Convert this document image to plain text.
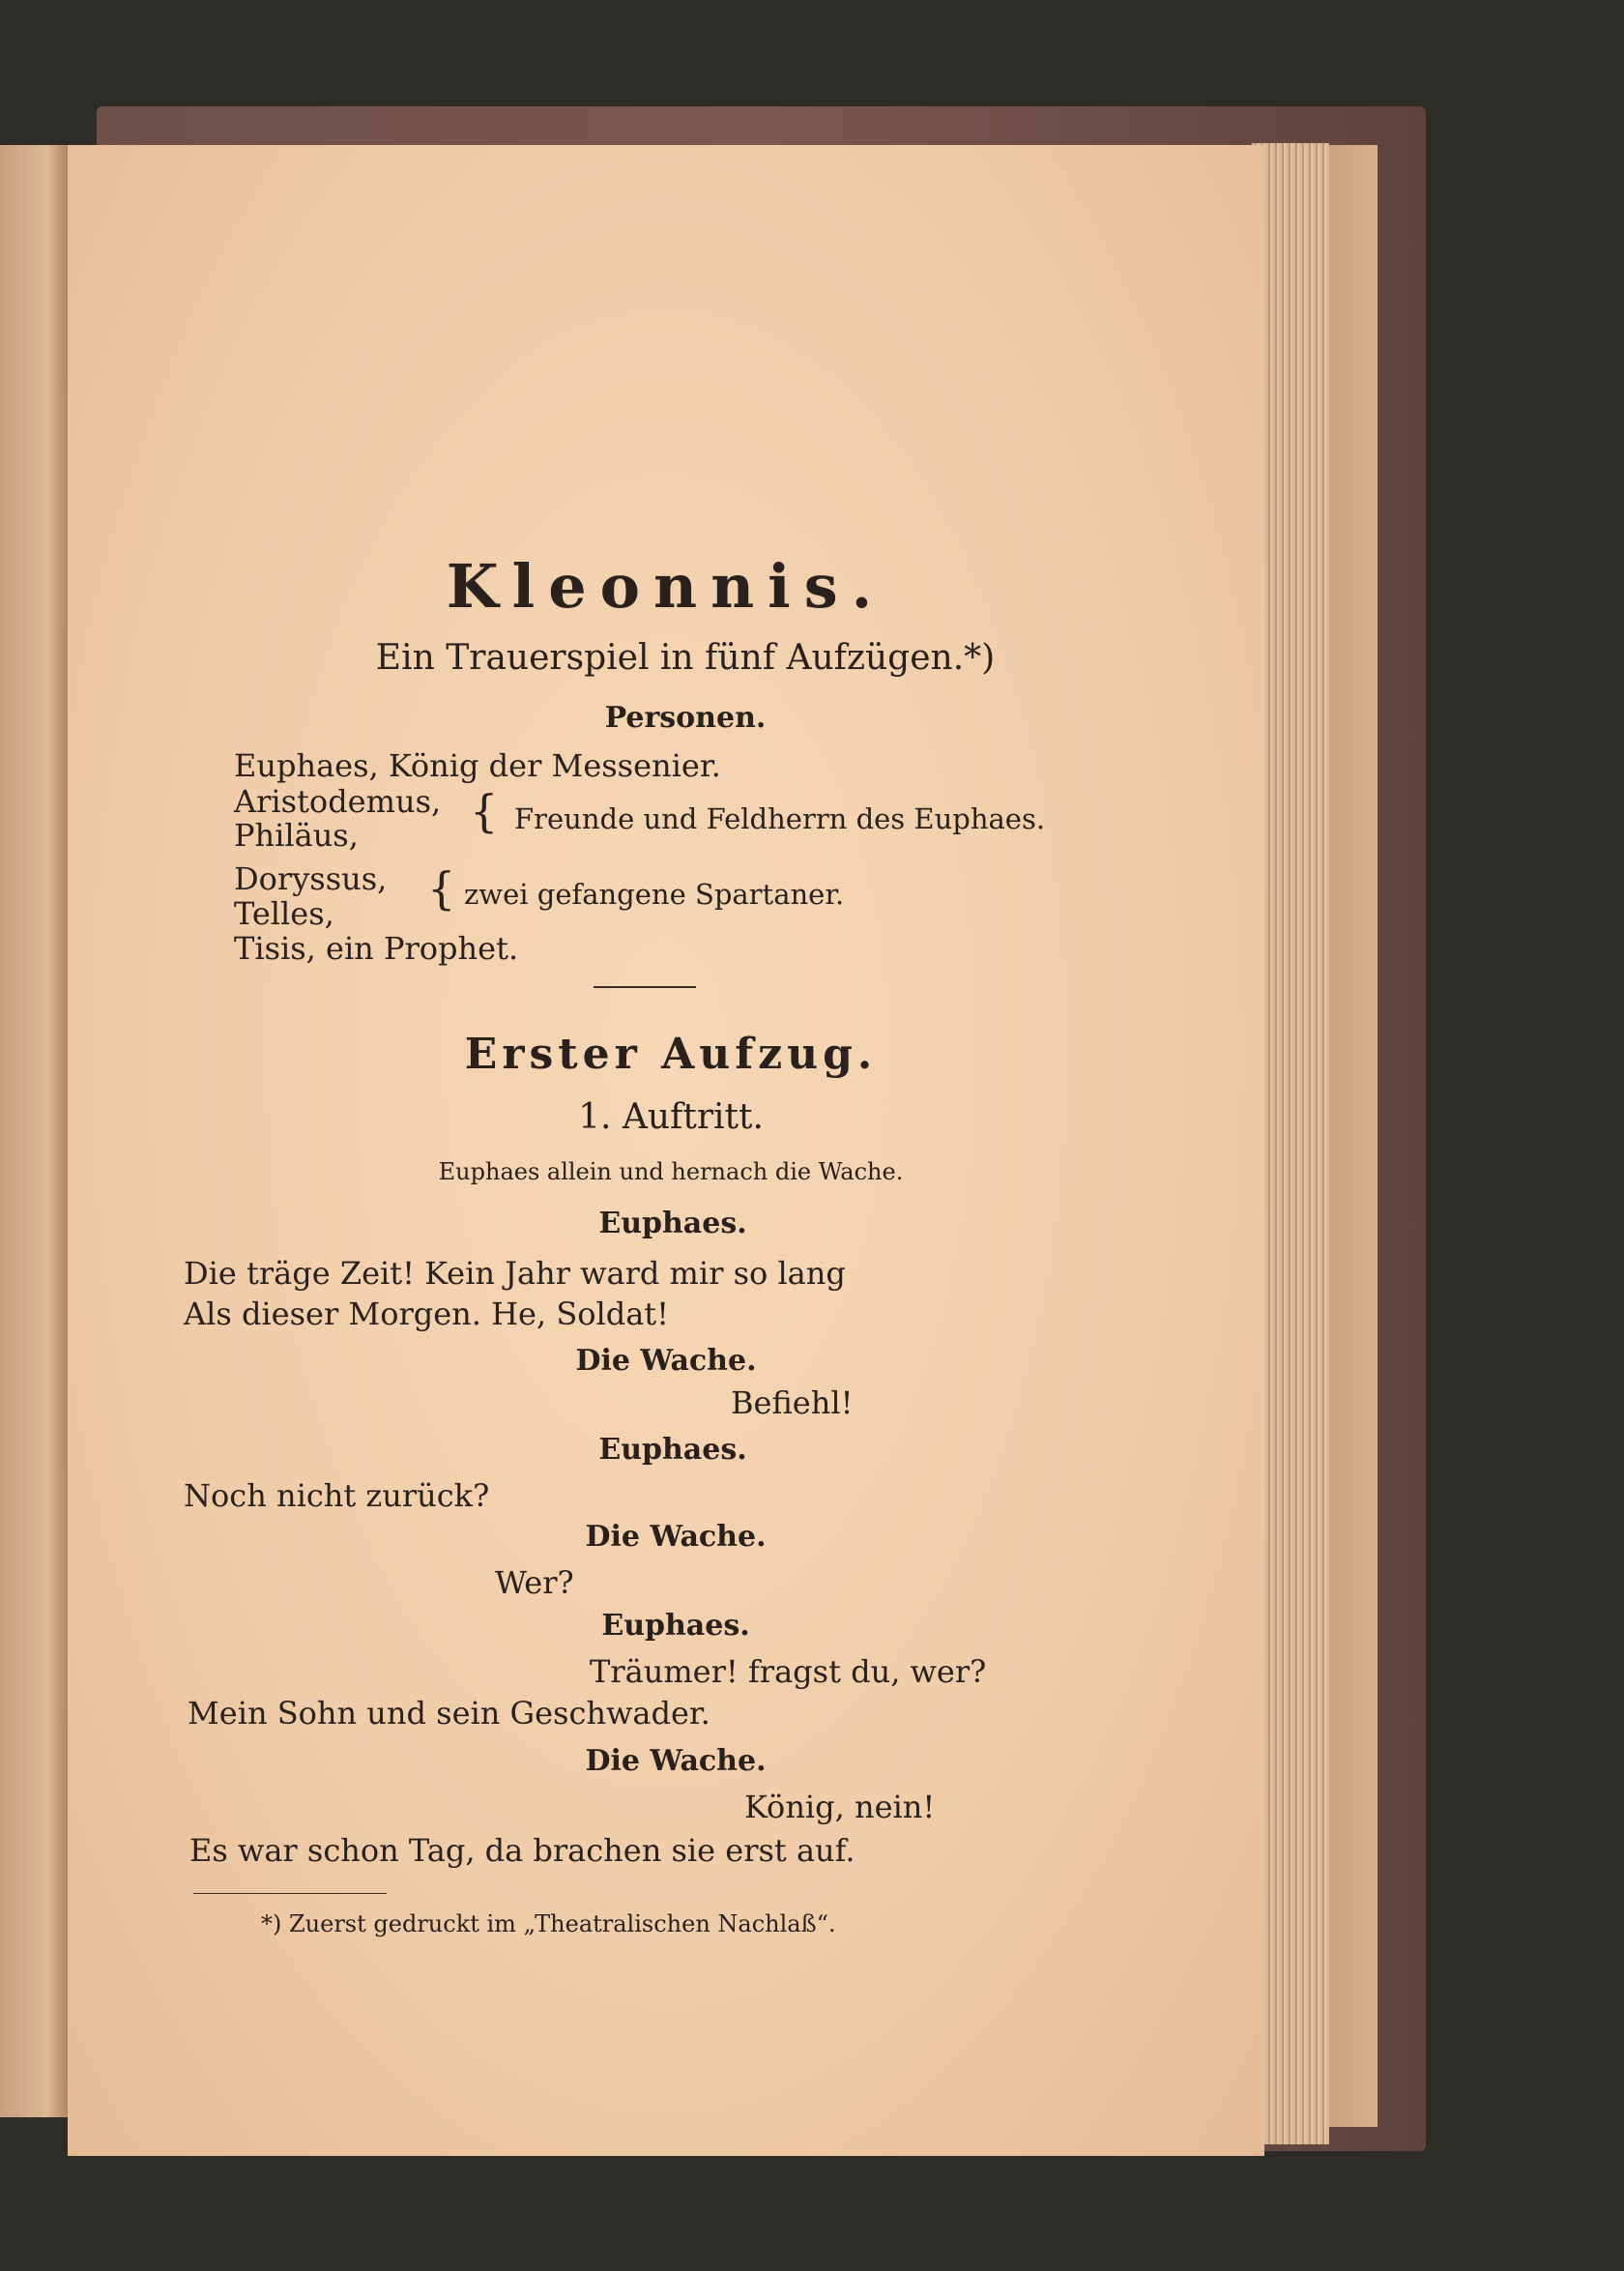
Kleonnis.
Ein Trauerspiel in fünf Aufzügen.*)
Personen.
Euphaes, König der Messenier.
Aristodemus,
Philäus,	{ Freunde und Feldherrn des Euphaes.
Doryssus,
Telles, { zwei gefangene Spartaner.
Tisis, ein Prophet.
Erster Aufzug.
1. Auftritt.
Euphaes allein und hernach die Wache.
Euphaes.
Die träge Zeit! Kein Jahr ward mir so lang
Als dieser Morgen. He, Soldat!
Die Wache.
Befiehl!
Euphaes.
Noch nicht zurück?
Die Wache.
Wer?
Euphaes.
Träumer! fragst du, wer?
Mein Sohn und sein Geschwader.
Die Wache.
König, nein!
Es war schon Tag, da brachen sie erst auf.
*) Zuerst gedruckt im „Theatralischen Nachlaß“.
